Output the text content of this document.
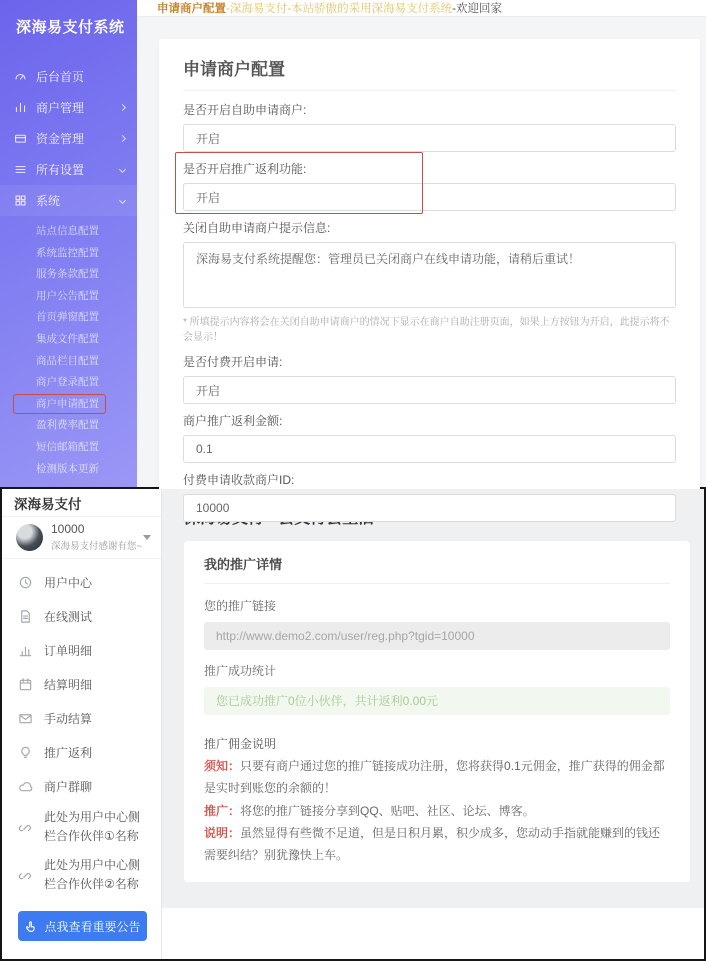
深海易支付系统
后台首页
商户管理
资金管理
所有设置
系统
站点信息配置
系统监控配置
服务条款配置
用户公告配置
首页弹窗配置
集成文件配置
商品栏目配置
商户登录配置
商户申请配置
盈利费率配置
短信邮箱配置
检测版本更新
申请商户配置 -深海易支付-本站骄傲的采用深海易支付系统 -欢迎回家
申请商户配置
是否开启自助申请商户:
开启
是否开启推广返利功能:
开启
关闭自助申请商户提示信息:
深海易支付系统提醒您：管理员已关闭商户在线申请功能，请稍后重试！
* 所填提示内容将会在关闭自助申请商户的情况下显示在商户自助注册页面，如果上方按钮为开启，此提示将不会显示！
是否付费开启申请:
开启
商户推广返利金额:
0.1
付费申请收款商户ID:
10000
深海易支付
10000
深海易支付感谢有您~
用户中心
在线测试
订单明细
结算明细
手动结算
推广返利
商户群聊
此处为用户中心侧栏合作伙伴①名称
此处为用户中心侧栏合作伙伴②名称
点我查看重要公告
我的推广详情
您的推广链接
http://www.demo2.com/user/reg.php?tgid=10000
推广成功统计
您已成功推广0位小伙伴，共计返利0.00元
推广佣金说明
须知：只要有商户通过您的推广链接成功注册，您将获得0.1元佣金，推广获得的佣金都是实时到账您的余额的！
推广：将您的推广链接分享到QQ、贴吧、社区、论坛、博客。
说明：虽然显得有些微不足道，但是日积月累，积少成多，您动动手指就能赚到的钱还需要纠结？别犹豫快上车。
